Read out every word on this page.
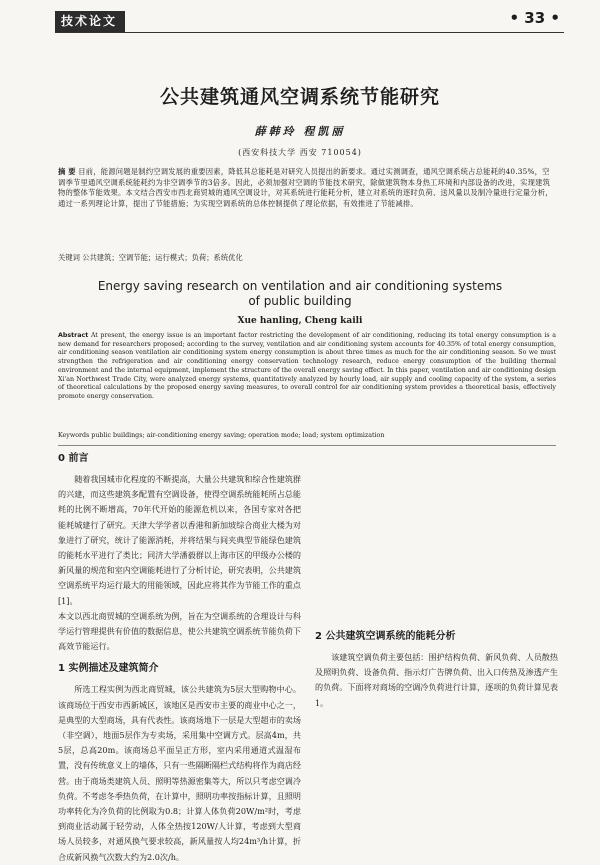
技术论文	• 33 •
公共建筑通风空调系统节能研究
薛韩玲 程凯丽
(西安科技大学 西安 710054)
摘 要 目前，能源问题是制约空调发展的重要因素，降低其总能耗是对研究人员提出的新要求。通过实测调查，通风空调系统占总能耗的40.35%，空调季节里通风空调系统能耗约为非空调季节的3倍多。因此，必须加强对空调的节能技术研究，除做建筑物本身热工环境和内部设备的改进，实现建筑物的整体节能效果。本文结合西安市西北商贸城的通风空调设计，对其系统进行能耗分析，建立对系统的逐时负荷、送风量以及制冷量进行定量分析，通过一系列理论计算，提出了节能措施；为实现空调系统的总体控制提供了理论依据，有效推进了节能减排。
关键词 公共建筑；空调节能；运行模式；负荷；系统优化
Energy saving research on ventilation and air conditioning systems
of public building
Xue hanling, Cheng kaili
Abstract At present, the energy issue is an important factor restricting the development of air conditioning, reducing its total energy consumption is a new demand for researchers proposed; according to the survey, ventilation and air conditioning system accounts for 40.35% of total energy consumption, air conditioning season ventilation air conditioning system energy consumption is about three times as much for the air conditioning season. So we must strengthen the refrigeration and air conditioning energy conservation technology research, reduce energy consumption of the building thermal environment and the internal equipment, implement the structure of the overall energy saving effect. In this paper, ventilation and air conditioning design Xi'an Northwest Trade City, were analyzed energy systems, quantitatively analyzed by hourly load, air supply and cooling capacity of the system, a series of theoretical calculations by the proposed energy saving measures, to overall control for air conditioning system provides a theoretical basis, effectively promote energy conservation.
Keywords public buildings; air-conditioning energy saving; operation mode; load; system optimization
0 前言

随着我国城市化程度的不断提高，大量公共建筑和综合性建筑群的兴建，而这些建筑多配置有空调设备，使得空调系统能耗所占总能耗的比例不断增高，70年代开始的能源危机以来，各国专家对各把能耗城建行了研究。天津大学学者以香港和新加坡综合商业大楼为对象进行了研究，统计了能源消耗，并将结果与间夹典型节能绿色建筑的能耗水平进行了类比；同济大学潘毅群以上海市区的甲级办公楼的新风量的规范和室内空调能耗进行了分析讨论，研究表明，公共建筑空调系统平均运行最大的用能领域，因此应将其作为节能工作的重点[1]。

本文以西北商贸城的空调系统为例，旨在为空调系统的合理设计与科学运行管理提供有价值的数据信息，使公共建筑空调系统节能负荷下高效节能运行。

1 实例描述及建筑简介

所选工程实例为西北商贸城，该公共建筑为5层大型购物中心。该商场位于西安市西新城区，该地区是西安市主要的商业中心之一，是典型的大型商场，具有代表性。该商场地下一层是大型超市的卖场（非空调），地面5层作为专卖场，采用集中空调方式。层高4m，共5层，总高20m。该商场总平面呈正方形，室内采用通道式温湿布置，没有传统意义上的墙体，只有一些隔断隔栏式结构将作为商店经营。由于商场类建筑人员、照明等热源密集等大，所以只考虑空调冷负荷。不考虑冬季热负荷，在计算中，照明功率按指标计算，且照明功率转化为冷负荷的比例取为0.8；计算人体负荷20W/m²时，考虑到商业活动属于轻劳动，人体全热按120W/人计算，考虑到大型商场人员较多，对通风换气要求较高，新风量按人均24m³/h计算，折合成新风换气次数大约为2.0次/h。

2 公共建筑空调系统的能耗分析

该建筑空调负荷主要包括：围护结构负荷、新风负荷、人员散热及照明负荷、设备负荷、指示灯广告牌负荷、出入口传热及渗透产生的负荷。下面将对商场的空调冷负荷进行计算，逐项的负荷计算见表1。
